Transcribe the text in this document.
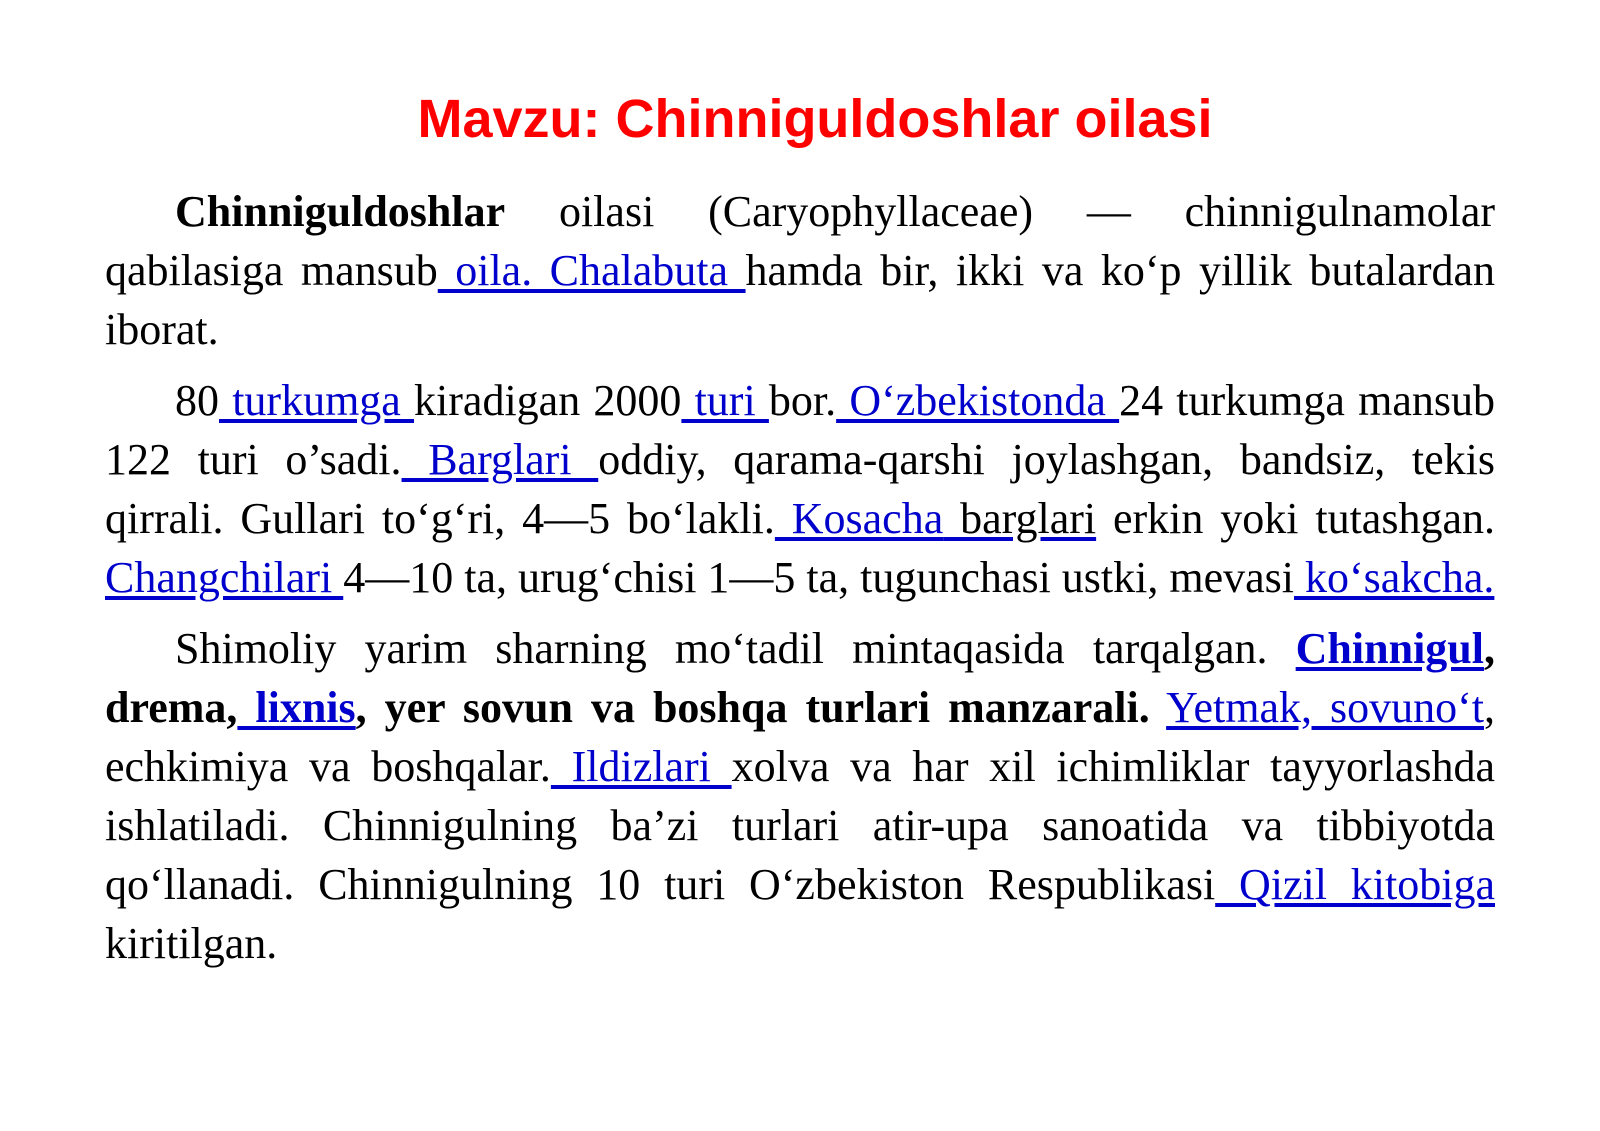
Mavzu: Chinniguldoshlar oilasi

Chinniguldoshlar oilasi (Caryophyllaceae) — chinnigulnamolar qabilasiga mansub oila. Chalabuta hamda bir, ikki va ko‘p yillik butalardan iborat.

80 turkumga kiradigan 2000 turi bor. O‘zbekistonda 24 turkumga mansub 122 turi o’sadi. Barglari oddiy, qarama-qarshi joylashgan, bandsiz, tekis qirrali. Gullari to‘g‘ri, 4—5 bo‘lakli. Kosacha barglari erkin yoki tutashgan. Changchilari 4—10 ta, urug‘chisi 1—5 ta, tugunchasi ustki, mevasi ko‘sakcha.

Shimoliy yarim sharning mo‘tadil mintaqasida tarqalgan. Chinnigul, drema, lixnis, yer sovun va boshqa turlari manzarali. Yetmak, sovuno‘t, echkimiya va boshqalar. Ildizlari xolva va har xil ichimliklar tayyorlashda ishlatiladi. Chinnigulning ba’zi turlari atir-upa sanoatida va tibbiyotda qo‘llanadi. Chinnigulning 10 turi O‘zbekiston Respublikasi Qizil kitobiga kiritilgan.
